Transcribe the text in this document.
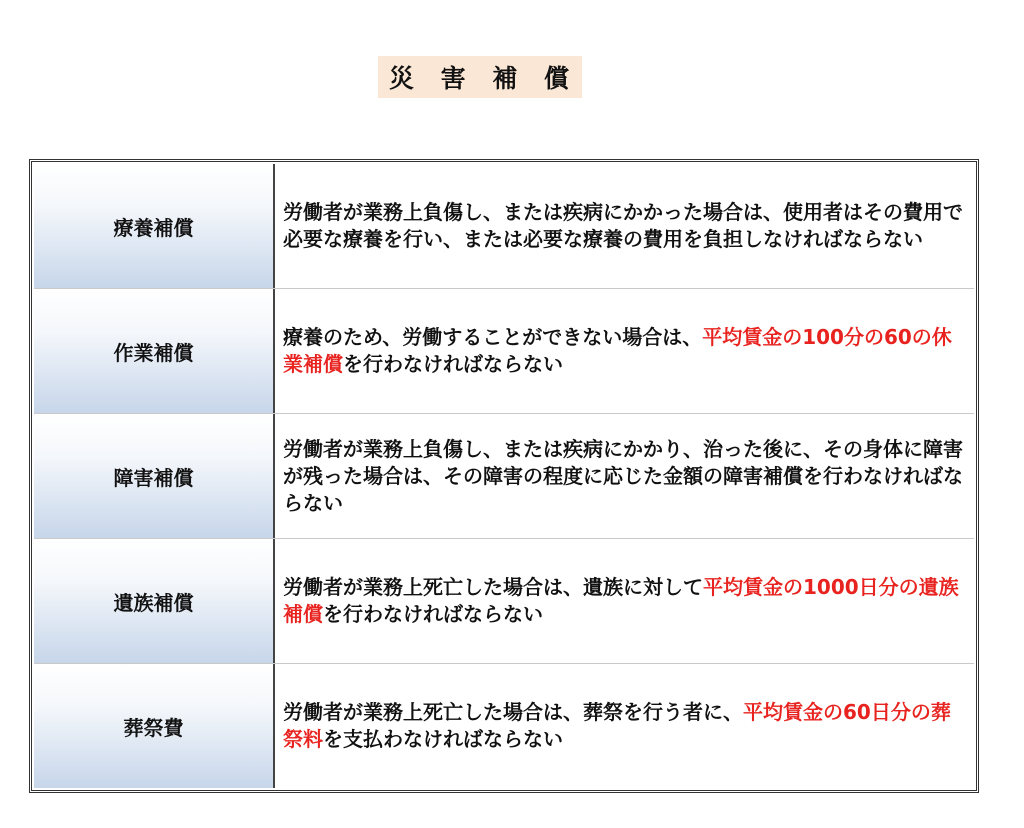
災 害 補 償
療養補償

労働者が業務上負傷し、または疾病にかかった場合は、使用者はその費用で必要な療養を行い、または必要な療養の費用を負担しなければならない

作業補償

療養のため、労働することができない場合は、平均賃金の100分の60の休業補償を行わなければならない

障害補償

労働者が業務上負傷し、または疾病にかかり、治った後に、その身体に障害が残った場合は、その障害の程度に応じた金額の障害補償を行わなければならない

遺族補償

労働者が業務上死亡した場合は、遺族に対して平均賃金の1000日分の遺族補償を行わなければならない

葬祭費

労働者が業務上死亡した場合は、葬祭を行う者に、平均賃金の60日分の葬祭料を支払わなければならない
